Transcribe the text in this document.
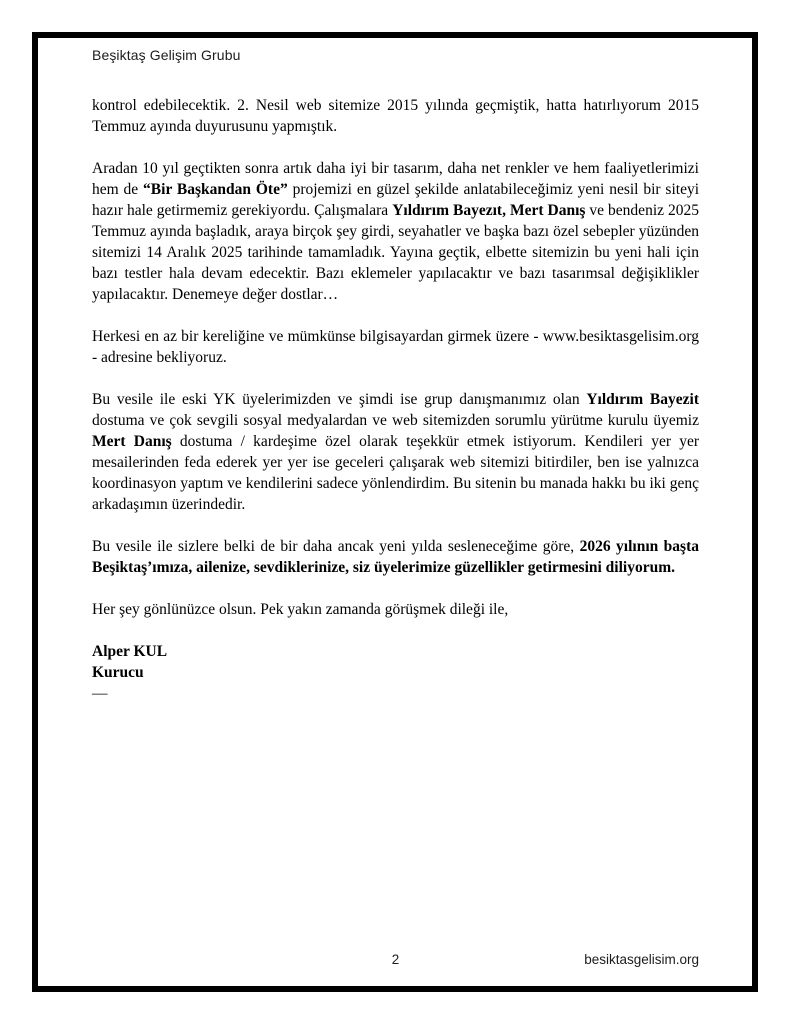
Beşiktaş Gelişim Grubu

kontrol edebilecektik. 2. Nesil web sitemize 2015 yılında geçmiştik, hatta hatırlıyorum 2015 Temmuz ayında duyurusunu yapmıştık.

Aradan 10 yıl geçtikten sonra artık daha iyi bir tasarım, daha net renkler ve hem faaliyetlerimizi hem de “Bir Başkandan Öte” projemizi en güzel şekilde anlatabileceğimiz yeni nesil bir siteyi hazır hale getirmemiz gerekiyordu. Çalışmalara Yıldırım Bayezıt, Mert Danış ve bendeniz 2025 Temmuz ayında başladık, araya birçok şey girdi, seyahatler ve başka bazı özel sebepler yüzünden sitemizi 14 Aralık 2025 tarihinde tamamladık. Yayına geçtik, elbette sitemizin bu yeni hali için bazı testler hala devam edecektir. Bazı eklemeler yapılacaktır ve bazı tasarımsal değişiklikler yapılacaktır. Denemeye değer dostlar…

Herkesi en az bir kereliğine ve mümkünse bilgisayardan girmek üzere - www.besiktasgelisim.org - adresine bekliyoruz.

Bu vesile ile eski YK üyelerimizden ve şimdi ise grup danışmanımız olan Yıldırım Bayezit dostuma ve çok sevgili sosyal medyalardan ve web sitemizden sorumlu yürütme kurulu üyemiz Mert Danış dostuma / kardeşime özel olarak teşekkür etmek istiyorum. Kendileri yer yer mesailerinden feda ederek yer yer ise geceleri çalışarak web sitemizi bitirdiler, ben ise yalnızca koordinasyon yaptım ve kendilerini sadece yönlendirdim. Bu sitenin bu manada hakkı bu iki genç arkadaşımın üzerindedir.

Bu vesile ile sizlere belki de bir daha ancak yeni yılda sesleneceğime göre, 2026 yılının başta Beşiktaş’ımıza, ailenize, sevdiklerinize, siz üyelerimize güzellikler getirmesini diliyorum.

Her şey gönlünüzce olsun. Pek yakın zamanda görüşmek dileği ile,

Alper KUL
Kurucu
—
2	besiktasgelisim.org
